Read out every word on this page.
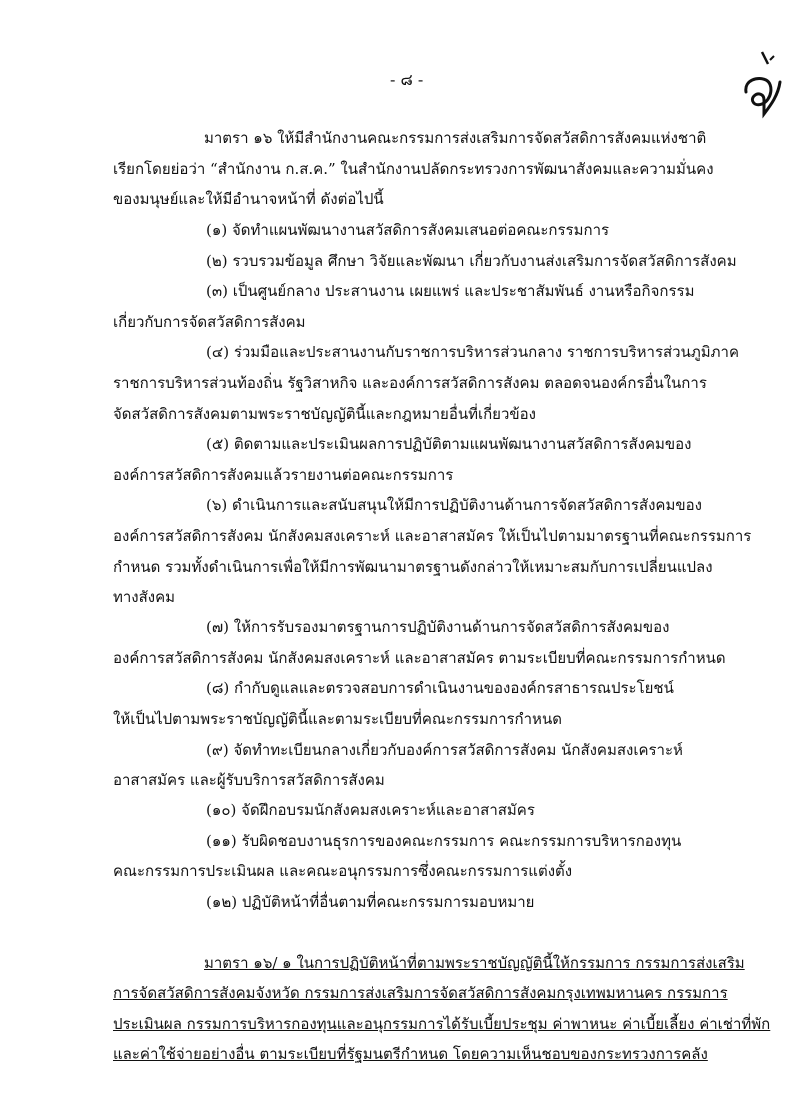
- ๘ -
มาตรา ๑๖ ให้มีสำนักงานคณะกรรมการส่งเสริมการจัดสวัสดิการสังคมแห่งชาติ
เรียกโดยย่อว่า “สำนักงาน ก.ส.ค.” ในสำนักงานปลัดกระทรวงการพัฒนาสังคมและความมั่นคง
ของมนุษย์และให้มีอำนาจหน้าที่ ดังต่อไปนี้
(๑) จัดทำแผนพัฒนางานสวัสดิการสังคมเสนอต่อคณะกรรมการ
(๒) รวบรวมข้อมูล ศึกษา วิจัยและพัฒนา เกี่ยวกับงานส่งเสริมการจัดสวัสดิการสังคม
(๓) เป็นศูนย์กลาง ประสานงาน เผยแพร่ และประชาสัมพันธ์ งานหรือกิจกรรม
เกี่ยวกับการจัดสวัสดิการสังคม
(๔) ร่วมมือและประสานงานกับราชการบริหารส่วนกลาง ราชการบริหารส่วนภูมิภาค
ราชการบริหารส่วนท้องถิ่น รัฐวิสาหกิจ และองค์การสวัสดิการสังคม ตลอดจนองค์กรอื่นในการ
จัดสวัสดิการสังคมตามพระราชบัญญัตินี้และกฎหมายอื่นที่เกี่ยวข้อง
(๕) ติดตามและประเมินผลการปฏิบัติตามแผนพัฒนางานสวัสดิการสังคมของ
องค์การสวัสดิการสังคมแล้วรายงานต่อคณะกรรมการ
(๖) ดำเนินการและสนับสนุนให้มีการปฏิบัติงานด้านการจัดสวัสดิการสังคมของ
องค์การสวัสดิการสังคม นักสังคมสงเคราะห์ และอาสาสมัคร ให้เป็นไปตามมาตรฐานที่คณะกรรมการ
กำหนด รวมทั้งดำเนินการเพื่อให้มีการพัฒนามาตรฐานดังกล่าวให้เหมาะสมกับการเปลี่ยนแปลง
ทางสังคม
(๗) ให้การรับรองมาตรฐานการปฏิบัติงานด้านการจัดสวัสดิการสังคมของ
องค์การสวัสดิการสังคม นักสังคมสงเคราะห์ และอาสาสมัคร ตามระเบียบที่คณะกรรมการกำหนด
(๘) กำกับดูแลและตรวจสอบการดำเนินงานขององค์กรสาธารณประโยชน์
ให้เป็นไปตามพระราชบัญญัตินี้และตามระเบียบที่คณะกรรมการกำหนด
(๙) จัดทำทะเบียนกลางเกี่ยวกับองค์การสวัสดิการสังคม นักสังคมสงเคราะห์
อาสาสมัคร และผู้รับบริการสวัสดิการสังคม
(๑๐) จัดฝึกอบรมนักสังคมสงเคราะห์และอาสาสมัคร
(๑๑) รับผิดชอบงานธุรการของคณะกรรมการ คณะกรรมการบริหารกองทุน
คณะกรรมการประเมินผล และคณะอนุกรรมการซึ่งคณะกรรมการแต่งตั้ง
(๑๒) ปฏิบัติหน้าที่อื่นตามที่คณะกรรมการมอบหมาย
มาตรา ๑๖/ ๑ ในการปฏิบัติหน้าที่ตามพระราชบัญญัตินี้ให้กรรมการ กรรมการส่งเสริม
การจัดสวัสดิการสังคมจังหวัด กรรมการส่งเสริมการจัดสวัสดิการสังคมกรุงเทพมหานคร กรรมการ
ประเมินผล กรรมการบริหารกองทุนและอนุกรรมการได้รับเบี้ยประชุม ค่าพาหนะ ค่าเบี้ยเลี้ยง ค่าเช่าที่พัก
และค่าใช้จ่ายอย่างอื่น ตามระเบียบที่รัฐมนตรีกำหนด โดยความเห็นชอบของกระทรวงการคลัง
